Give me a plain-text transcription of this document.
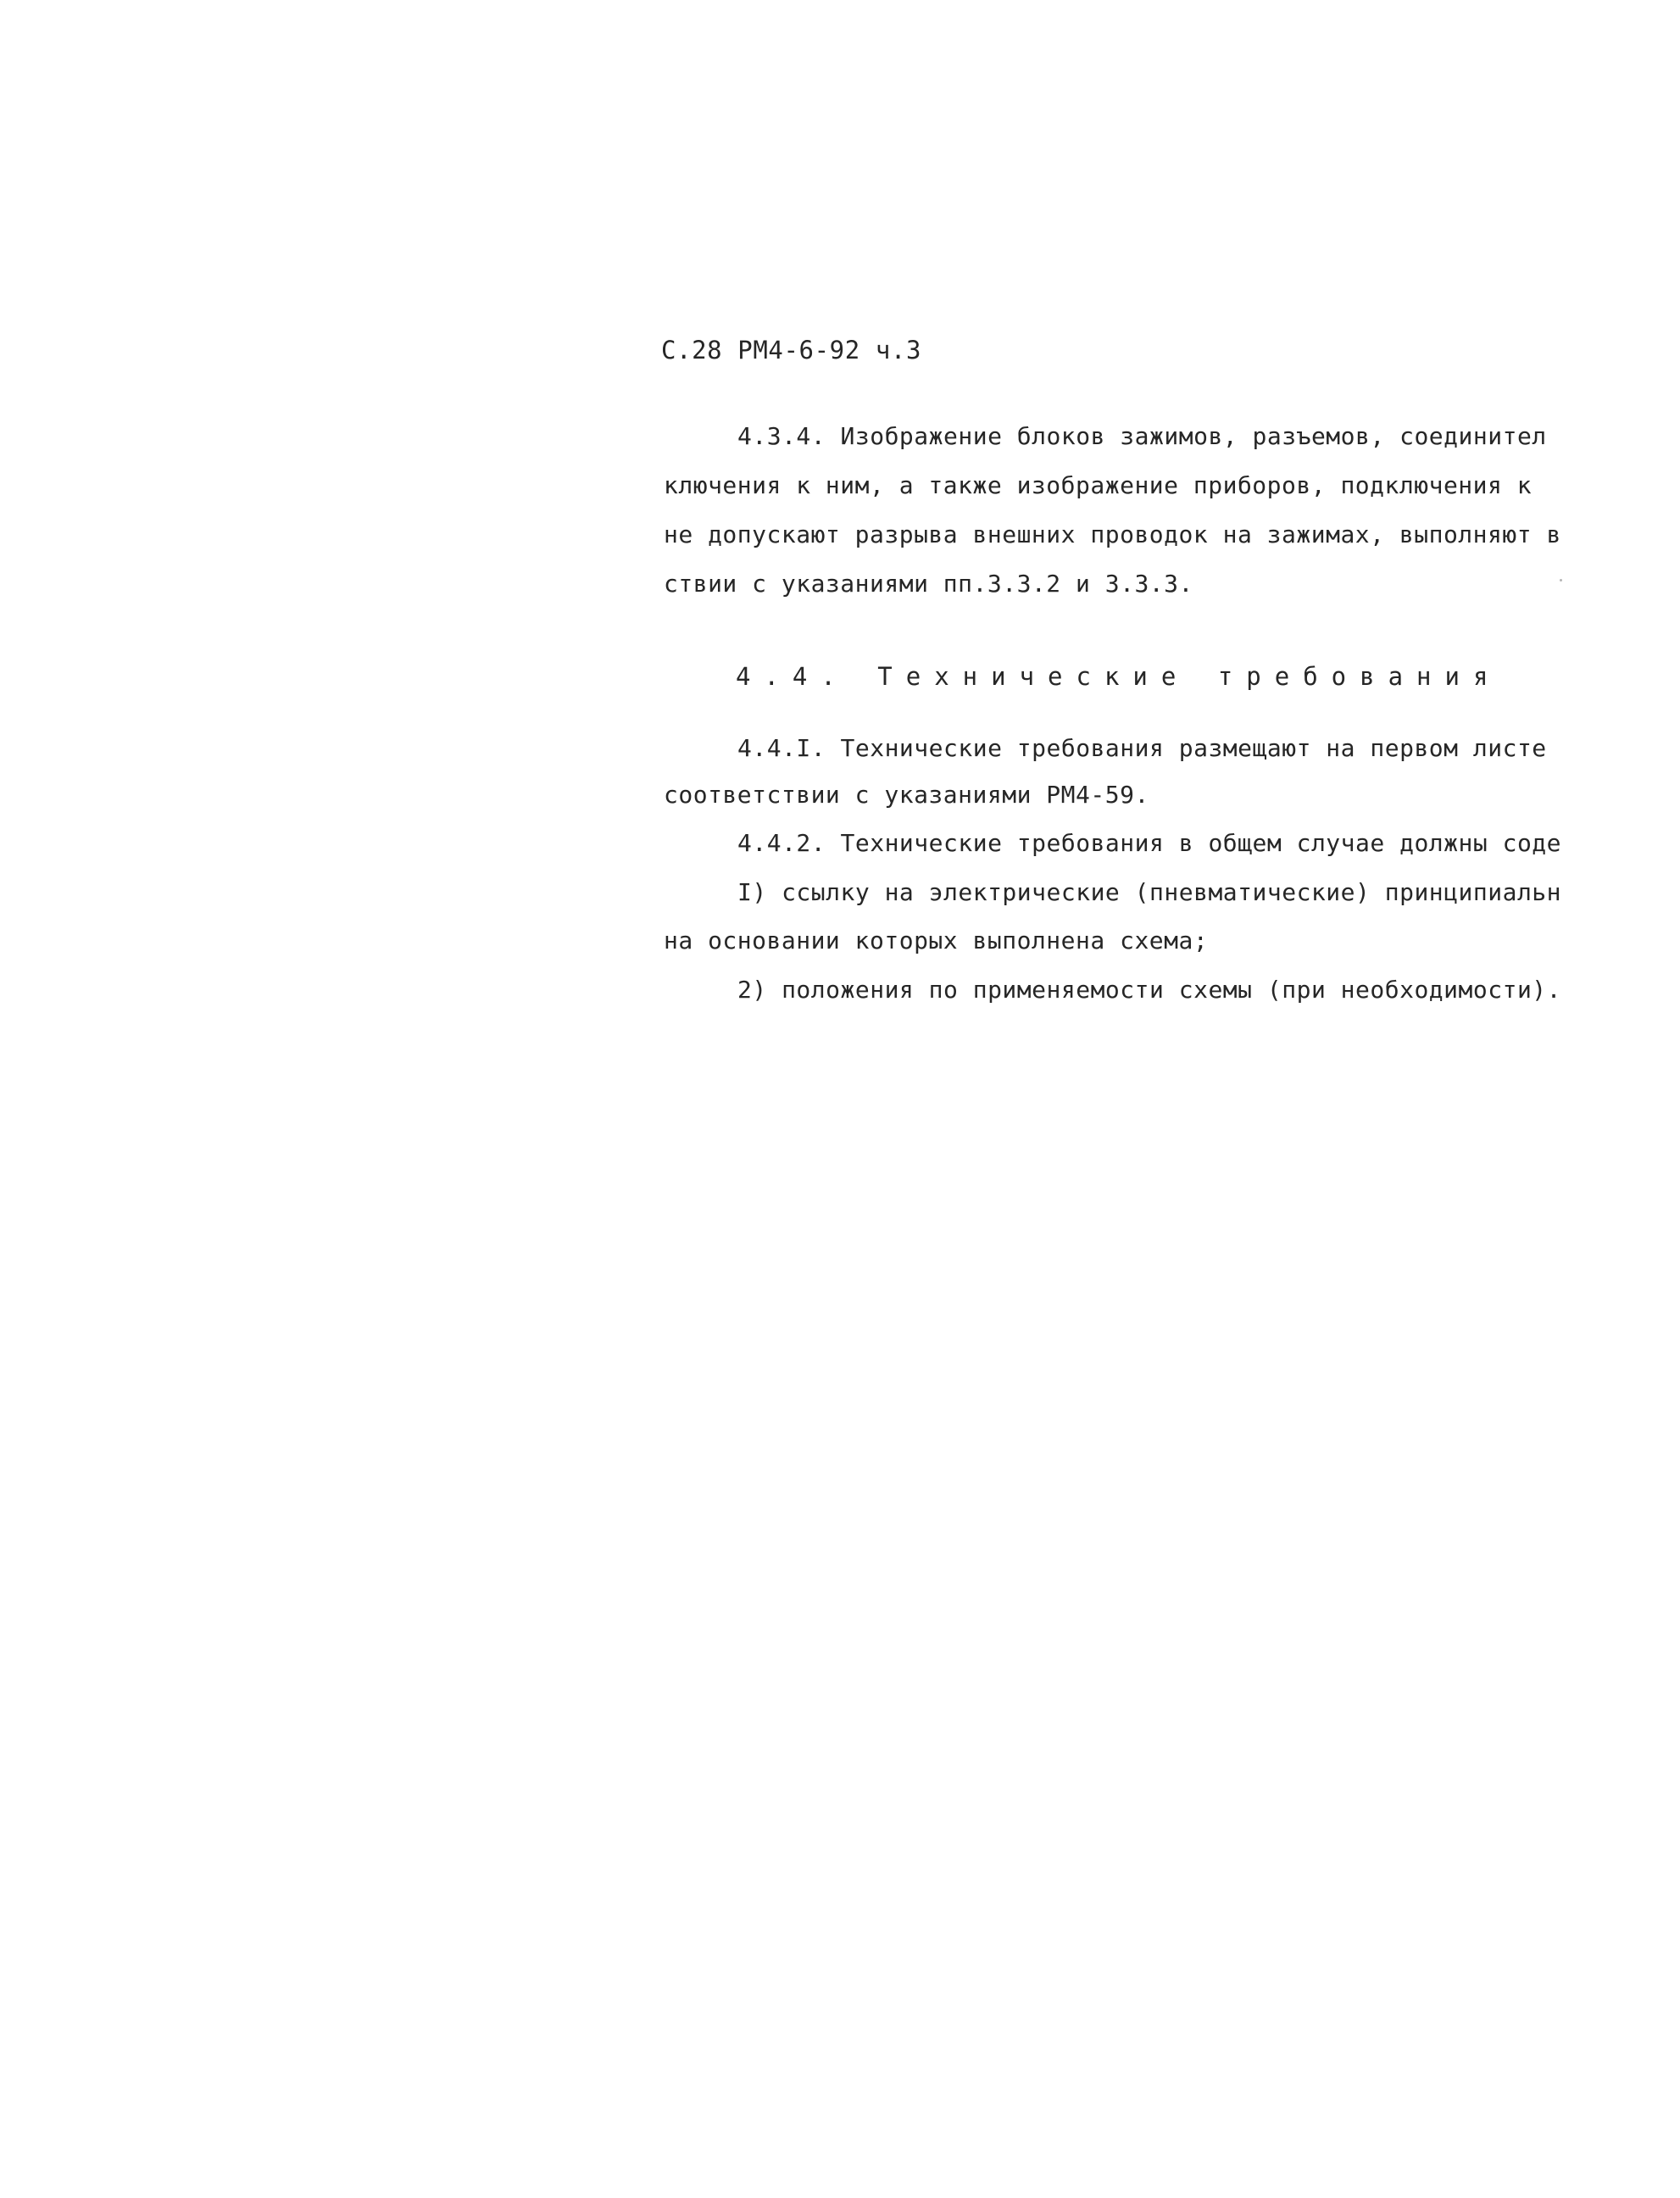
С.28 РМ4-6-92 ч.3
4.3.4. Изображение блоков зажимов, разъемов, соединител
ключения к ним, а также изображение приборов, подключения к
не допускают разрыва внешних проводок на зажимах, выполняют в
ствии с указаниями пп.3.3.2 и 3.3.3.
4.4. Технические требования
4.4.I. Технические требования размещают на первом листе
соответствии с указаниями РМ4-59.
4.4.2. Технические требования в общем случае должны соде
I) ссылку на электрические (пневматические) принципиальн
на основании которых выполнена схема;
2) положения по применяемости схемы (при необходимости).
